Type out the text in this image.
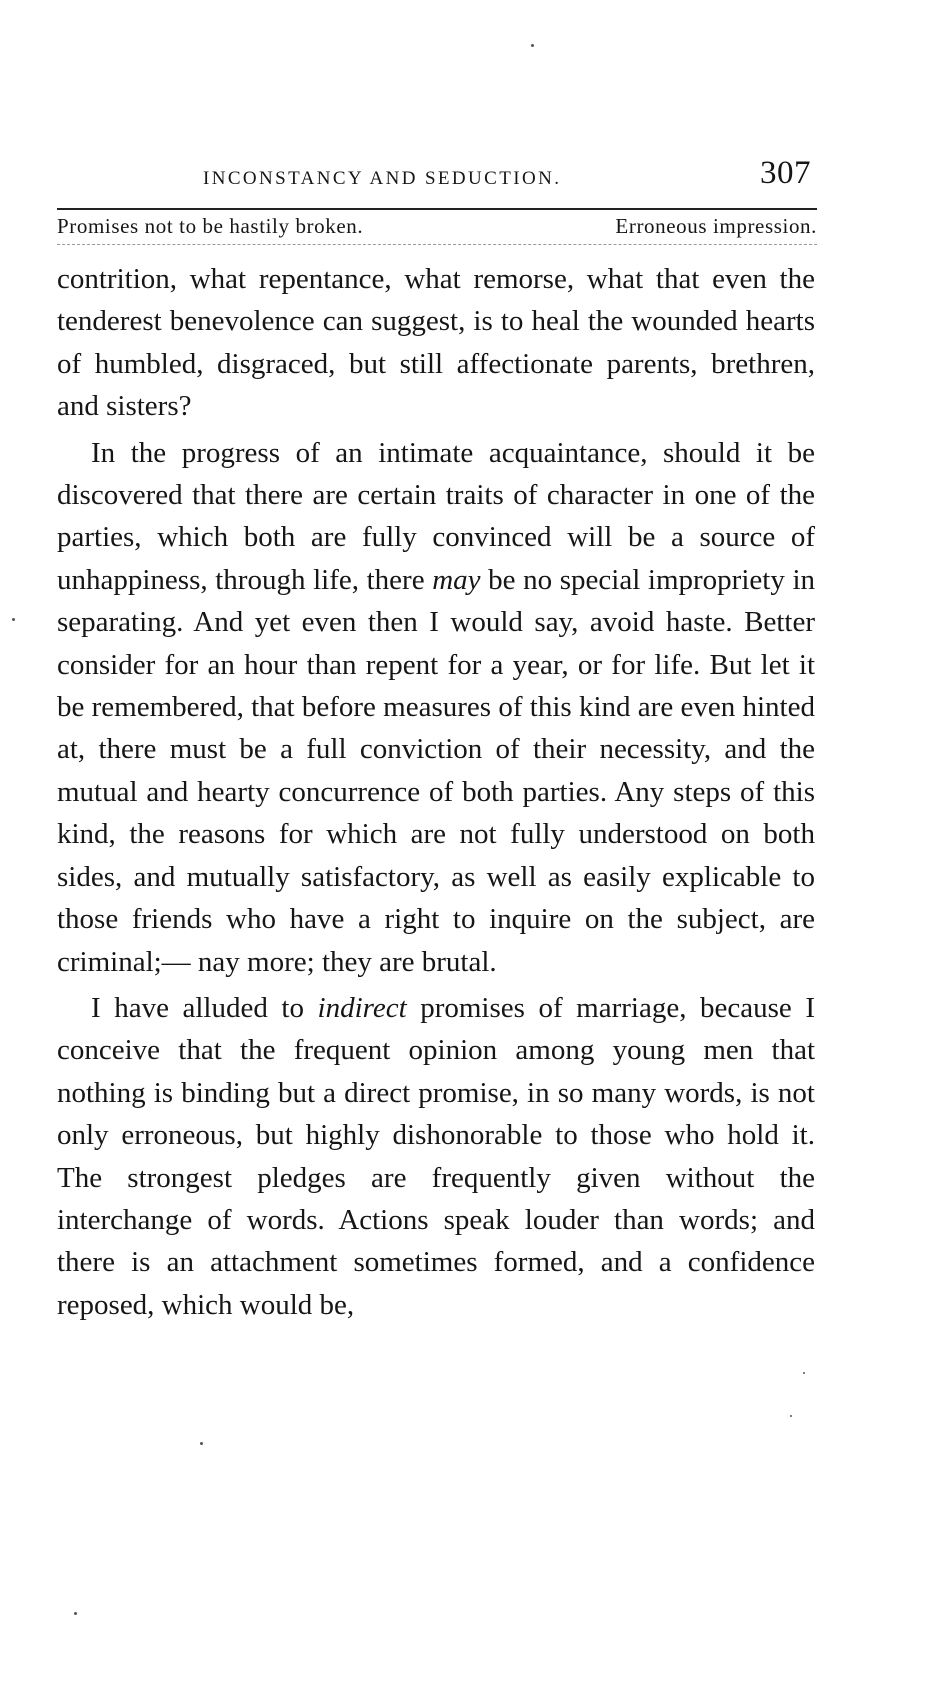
INCONSTANCY AND SEDUCTION.	307
Promises not to be hastily broken.	Erroneous impression.

contrition, what repentance, what remorse, what that even the tenderest benevolence can suggest, is to heal the wounded hearts of humbled, disgraced, but still affectionate parents, brethren, and sisters?

In the progress of an intimate acquaintance, should it be discovered that there are certain traits of character in one of the parties, which both are fully convinced will be a source of unhappiness, through life, there may be no special impropriety in separating. And yet even then I would say, avoid haste. Better consider for an hour than repent for a year, or for life. But let it be remembered, that before measures of this kind are even hinted at, there must be a full conviction of their necessity, and the mutual and hearty concurrence of both parties. Any steps of this kind, the reasons for which are not fully understood on both sides, and mutually satisfactory, as well as easily explicable to those friends who have a right to inquire on the subject, are criminal;— nay more; they are brutal.

I have alluded to indirect promises of marriage, because I conceive that the frequent opinion among young men that nothing is binding but a direct promise, in so many words, is not only erroneous, but highly dishonorable to those who hold it. The strongest pledges are frequently given without the interchange of words. Actions speak louder than words; and there is an attachment sometimes formed, and a confidence reposed, which would be,
